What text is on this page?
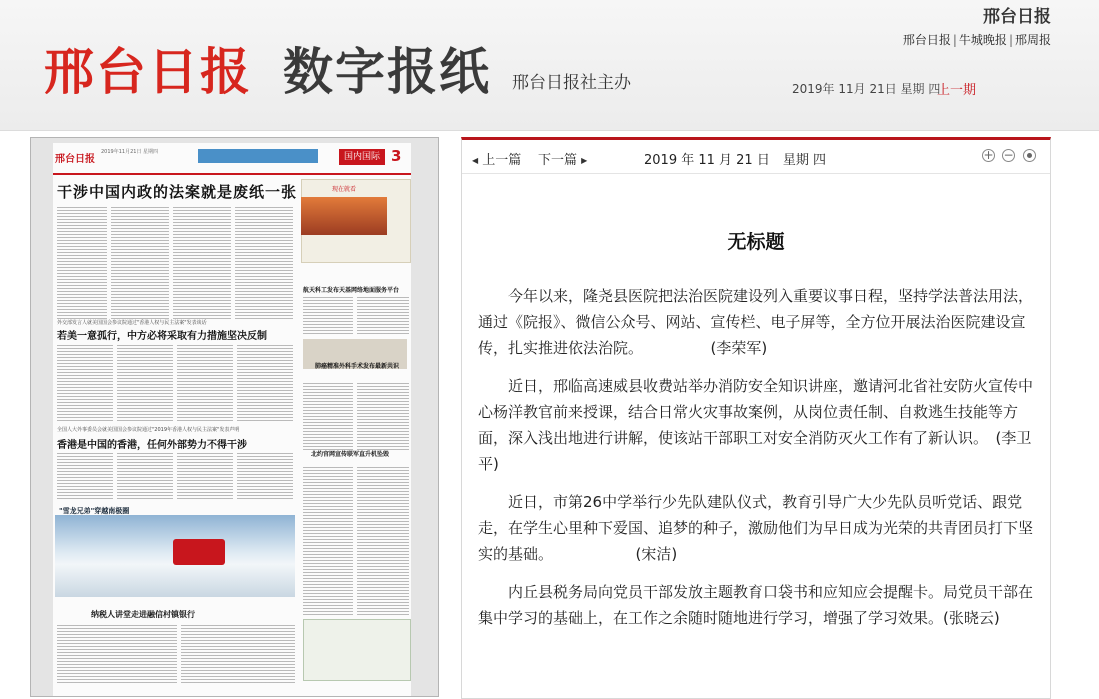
邢台日报 数字报纸 邢台日报社主办
邢台日报
邢台日报 | 牛城晚报 | 邢周报
2019年 11月 21日 星期 四
上一期
邢台日报
2019年11月21日 星期四	国内国际 3
干涉中国内政的法案就是废纸一张
外交部发言人就美国国会参议院通过"香港人权与民主法案"发表谈话
若美一意孤行，中方必将采取有力措施坚决反制
全国人大外事委员会就美国国会参议院通过"2019年香港人权与民主法案"发表声明
香港是中国的香港，任何外部势力不得干涉
"雪龙兄弟"穿越南极圈
纳税人讲堂走进融信村镇银行
现在就看
航天科工发布天基网络地面服务平台
肺癌精准外科手术发布最新共识
北约官网宣传联军直升机坠毁
◀ 上一篇 下一篇 ▶	2019 年 11 月 21 日　星期 四	+ −
无标题

今年以来，隆尧县医院把法治医院建设列入重要议事日程，坚持学法普法用法，通过《院报》、微信公众号、网站、宣传栏、电子屏等，全方位开展法治医院建设宣传，扎实推进依法治院。　　　　　(李荣军)

近日，邢临高速威县收费站举办消防安全知识讲座，邀请河北省社安防火宣传中心杨洋教官前来授课，结合日常火灾事故案例，从岗位责任制、自救逃生技能等方面，深入浅出地进行讲解，使该站干部职工对安全消防灭火工作有了新认识。　(李卫平)

近日，市第26中学举行少先队建队仪式，教育引导广大少先队员听党话、跟党走，在学生心里种下爱国、追梦的种子，激励他们为早日成为光荣的共青团员打下坚实的基础。　　　　　　(宋洁)

内丘县税务局向党员干部发放主题教育口袋书和应知应会提醒卡。局党员干部在集中学习的基础上，在工作之余随时随地进行学习，增强了学习效果。(张晓云)
